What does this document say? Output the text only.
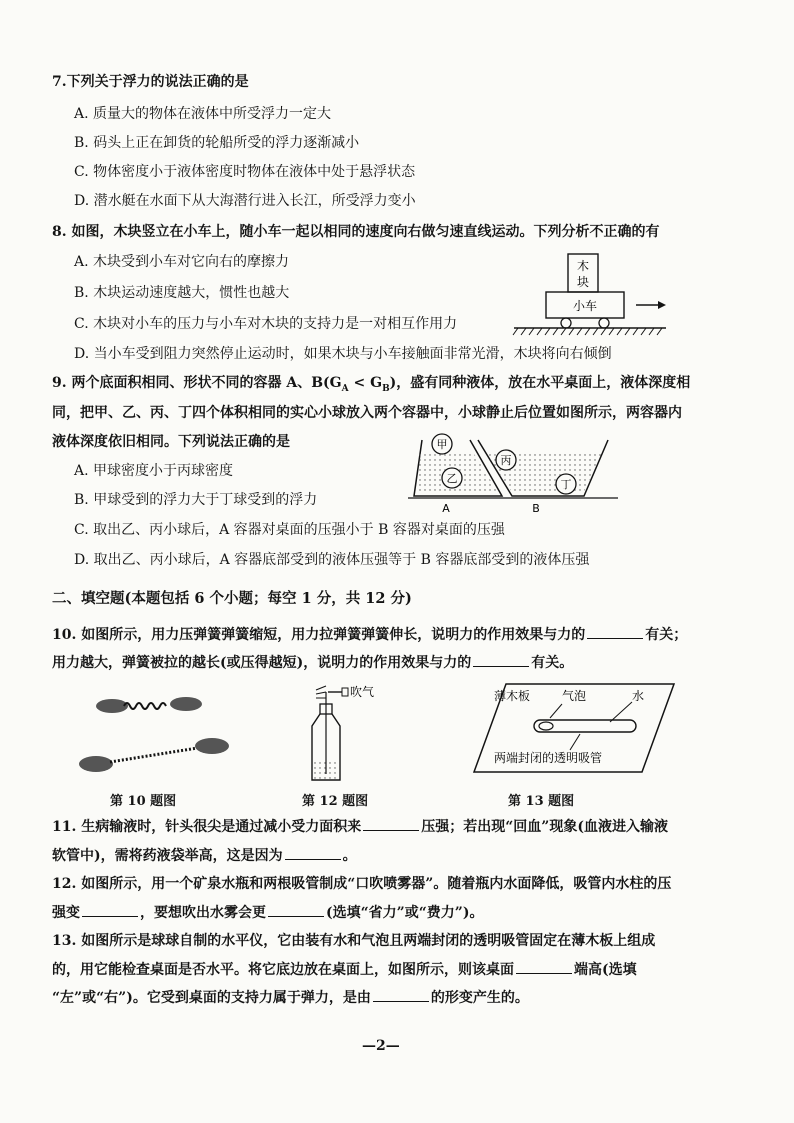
7.下列关于浮力的说法正确的是
A. 质量大的物体在液体中所受浮力一定大
B. 码头上正在卸货的轮船所受的浮力逐渐减小
C. 物体密度小于液体密度时物体在液体中处于悬浮状态
D. 潜水艇在水面下从大海潜行进入长江，所受浮力变小
8. 如图，木块竖立在小车上，随小车一起以相同的速度向右做匀速直线运动。下列分析不正确的有
A. 木块受到小车对它向右的摩擦力
B. 木块运动速度越大，惯性也越大
C. 木块对小车的压力与小车对木块的支持力是一对相互作用力
D. 当小车受到阻力突然停止运动时，如果木块与小车接触面非常光滑，木块将向右倾倒
木
块
小车
9. 两个底面积相同、形状不同的容器 A、$B(G_A < G_B)$，盛有同种液体，放在水平桌面上，液体深度相
同，把甲、乙、丙、丁四个体积相同的实心小球放入两个容器中，小球静止后位置如图所示，两容器内
液体深度依旧相同。下列说法正确的是
A. 甲球密度小于丙球密度
B. 甲球受到的浮力大于丁球受到的浮力
C. 取出乙、丙小球后，A 容器对桌面的压强小于 B 容器对桌面的压强
D. 取出乙、丙小球后，A 容器底部受到的液体压强等于 B 容器底部受到的液体压强
甲
乙
丙
丁
A	B
二、填空题(本题包括 6 个小题；每空 1 分，共 12 分)
10. 如图所示，用力压弹簧弹簧缩短，用力拉弹簧弹簧伸长，说明力的作用效果与力的	有关；
用力越大，弹簧被拉的越长(或压得越短)，说明力的作用效果与力的	有关。
第 10 题图
吹气
第 12 题图
薄木板	气泡	水
两端封闭的透明吸管
第 13 题图
11. 生病输液时，针头很尖是通过减小受力面积来	压强；若出现“回血”现象(血液进入输液
软管中)，需将药液袋举高，这是因为	。
12. 如图所示，用一个矿泉水瓶和两根吸管制成“口吹喷雾器”。随着瓶内水面降低，吸管内水柱的压
强变	，要想吹出水雾会更	(选填“省力”或“费力”)。
13. 如图所示是球球自制的水平仪，它由装有水和气泡且两端封闭的透明吸管固定在薄木板上组成
的，用它能检查桌面是否水平。将它底边放在桌面上，如图所示，则该桌面	端高(选填
“左”或“右”)。它受到桌面的支持力属于弹力，是由	的形变产生的。
—2—
